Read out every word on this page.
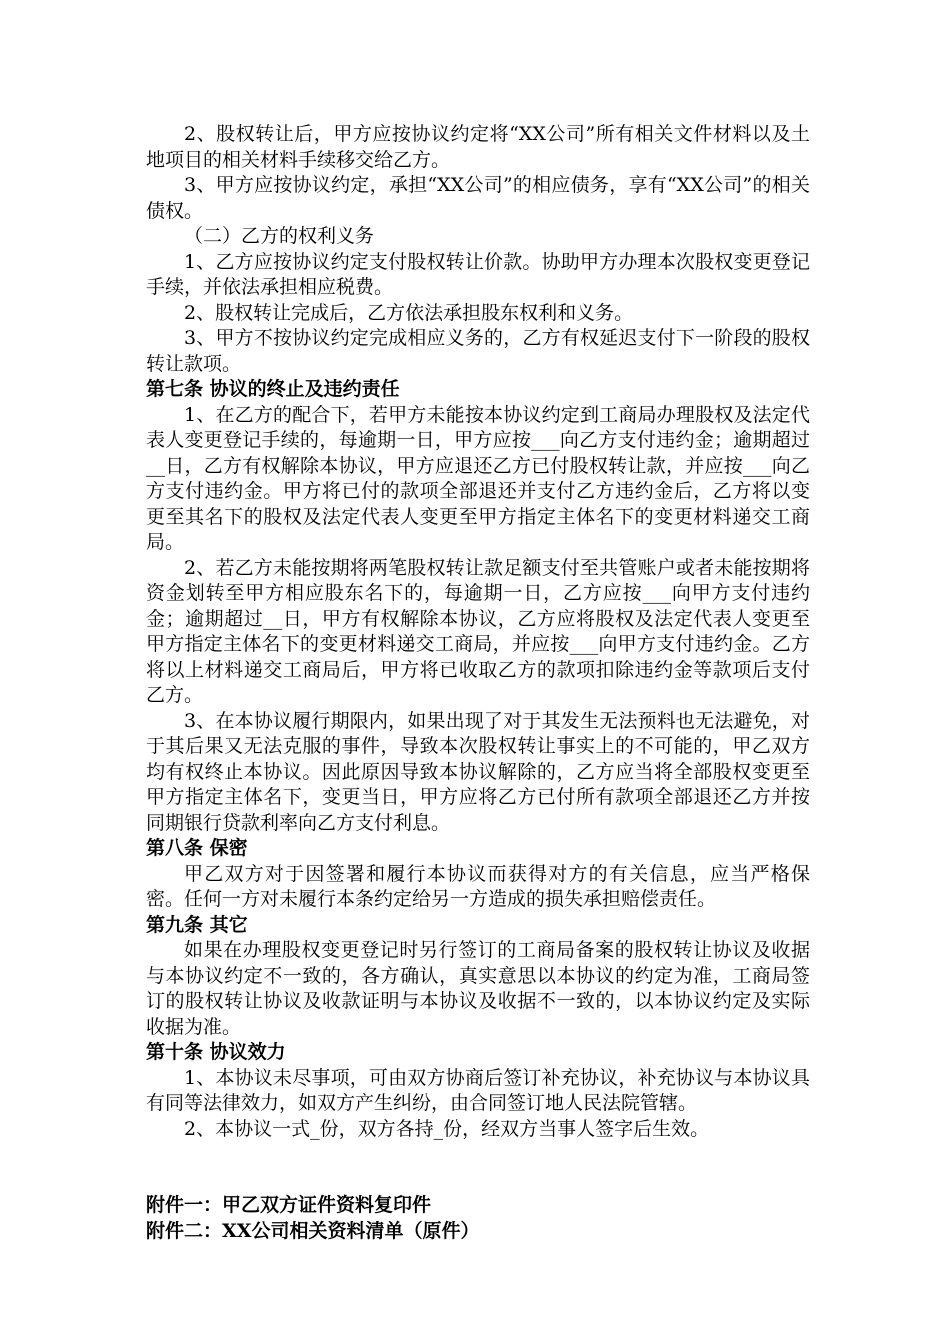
2、股权转让后，甲方应按协议约定将“XX公司”所有相关文件材料以及土地项目的相关材料手续移交给乙方。

3、甲方应按协议约定，承担“XX公司”的相应债务，享有“XX公司”的相关债权。

（二）乙方的权利义务

1、乙方应按协议约定支付股权转让价款。协助甲方办理本次股权变更登记手续，并依法承担相应税费。

2、股权转让完成后，乙方依法承担股东权利和义务。

3、甲方不按协议约定完成相应义务的，乙方有权延迟支付下一阶段的股权转让款项。

第七条 协议的终止及违约责任

1、在乙方的配合下，若甲方未能按本协议约定到工商局办理股权及法定代表人变更登记手续的，每逾期一日，甲方应按___向乙方支付违约金；逾期超过__日，乙方有权解除本协议，甲方应退还乙方已付股权转让款，并应按___向乙方支付违约金。甲方将已付的款项全部退还并支付乙方违约金后，乙方将以变更至其名下的股权及法定代表人变更至甲方指定主体名下的变更材料递交工商局。

2、若乙方未能按期将两笔股权转让款足额支付至共管账户或者未能按期将资金划转至甲方相应股东名下的，每逾期一日，乙方应按___向甲方支付违约金；逾期超过__日，甲方有权解除本协议，乙方应将股权及法定代表人变更至甲方指定主体名下的变更材料递交工商局，并应按___向甲方支付违约金。乙方将以上材料递交工商局后，甲方将已收取乙方的款项扣除违约金等款项后支付乙方。

3、在本协议履行期限内，如果出现了对于其发生无法预料也无法避免，对于其后果又无法克服的事件，导致本次股权转让事实上的不可能的，甲乙双方均有权终止本协议。因此原因导致本协议解除的，乙方应当将全部股权变更至甲方指定主体名下，变更当日，甲方应将乙方已付所有款项全部退还乙方并按同期银行贷款利率向乙方支付利息。

第八条 保密

甲乙双方对于因签署和履行本协议而获得对方的有关信息，应当严格保密。任何一方对未履行本条约定给另一方造成的损失承担赔偿责任。

第九条 其它

如果在办理股权变更登记时另行签订的工商局备案的股权转让协议及收据与本协议约定不一致的，各方确认，真实意思以本协议的约定为准，工商局签订的股权转让协议及收款证明与本协议及收据不一致的，以本协议约定及实际收据为准。

第十条 协议效力

1、本协议未尽事项，可由双方协商后签订补充协议，补充协议与本协议具有同等法律效力，如双方产生纠纷，由合同签订地人民法院管辖。

2、本协议一式_份，双方各持_份，经双方当事人签字后生效。

附件一：甲乙双方证件资料复印件

附件二：XX公司相关资料清单（原件）
